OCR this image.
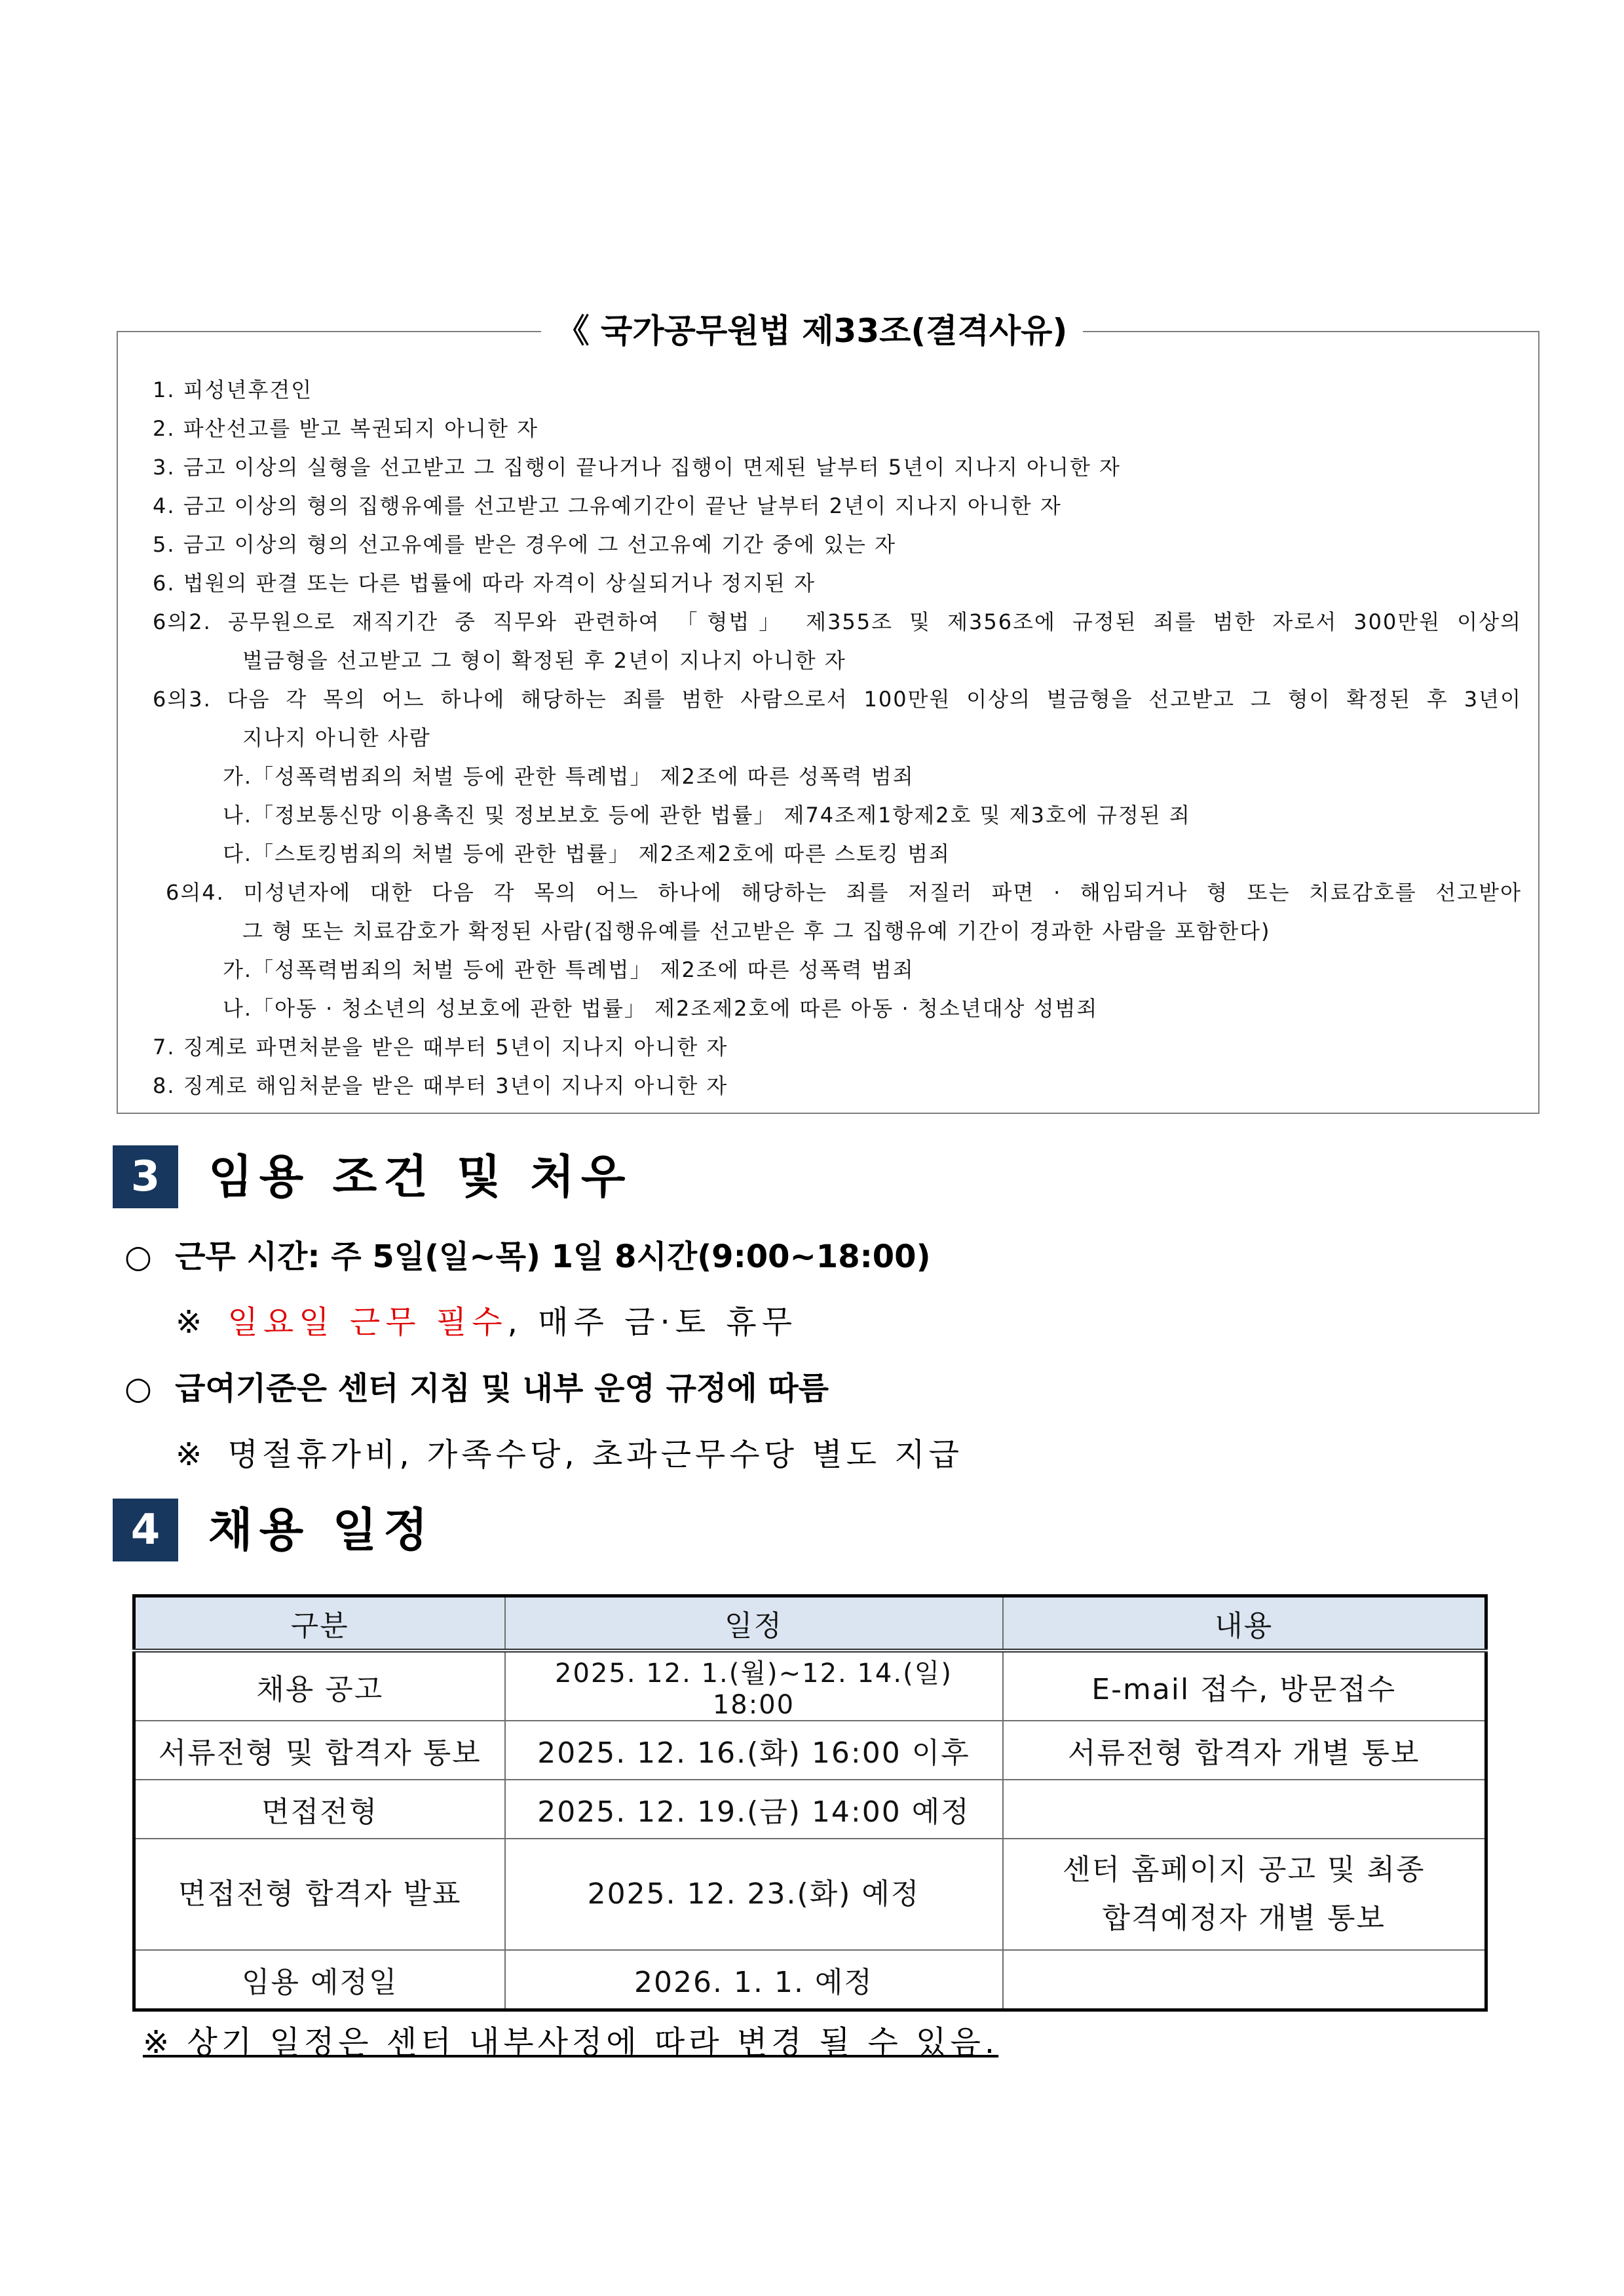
《 국가공무원법 제33조(결격사유)
1. 피성년후견인
2. 파산선고를 받고 복권되지 아니한 자
3. 금고 이상의 실형을 선고받고 그 집행이 끝나거나 집행이 면제된 날부터 5년이 지나지 아니한 자
4. 금고 이상의 형의 집행유예를 선고받고 그유예기간이 끝난 날부터 2년이 지나지 아니한 자
5. 금고 이상의 형의 선고유예를 받은 경우에 그 선고유예 기간 중에 있는 자
6. 법원의 판결 또는 다른 법률에 따라 자격이 상실되거나 정지된 자
6의2. 공무원으로 재직기간 중 직무와 관련하여 「형법」 제355조 및 제356조에 규정된 죄를 범한 자로서 300만원 이상의
벌금형을 선고받고 그 형이 확정된 후 2년이 지나지 아니한 자
6의3. 다음 각 목의 어느 하나에 해당하는 죄를 범한 사람으로서 100만원 이상의 벌금형을 선고받고 그 형이 확정된 후 3년이
지나지 아니한 사람
가.「성폭력범죄의 처벌 등에 관한 특례법」 제2조에 따른 성폭력 범죄
나.「정보통신망 이용촉진 및 정보보호 등에 관한 법률」 제74조제1항제2호 및 제3호에 규정된 죄
다.「스토킹범죄의 처벌 등에 관한 법률」 제2조제2호에 따른 스토킹 범죄
6의4. 미성년자에 대한 다음 각 목의 어느 하나에 해당하는 죄를 저질러 파면 · 해임되거나 형 또는 치료감호를 선고받아
그 형 또는 치료감호가 확정된 사람(집행유예를 선고받은 후 그 집행유예 기간이 경과한 사람을 포함한다)
가.「성폭력범죄의 처벌 등에 관한 특례법」 제2조에 따른 성폭력 범죄
나.「아동 · 청소년의 성보호에 관한 법률」 제2조제2호에 따른 아동 · 청소년대상 성범죄
7. 징계로 파면처분을 받은 때부터 5년이 지나지 아니한 자
8. 징계로 해임처분을 받은 때부터 3년이 지나지 아니한 자
3	임용 조건 및 처우
○ 근무 시간: 주 5일(일~목) 1일 8시간(9:00~18:00)
※ 일요일 근무 필수, 매주 금·토 휴무
○ 급여기준은 센터 지침 및 내부 운영 규정에 따름
※ 명절휴가비, 가족수당, 초과근무수당 별도 지급
4	채용 일정
구분	일정	내용
채용 공고	2025. 12. 1.(월)~12. 14.(일) 18:00	E-mail 접수, 방문접수
서류전형 및 합격자 통보	2025. 12. 16.(화) 16:00 이후	서류전형 합격자 개별 통보
면접전형	2025. 12. 19.(금) 14:00 예정	
면접전형 합격자 발표	2025. 12. 23.(화) 예정	센터 홈페이지 공고 및 최종
합격예정자 개별 통보

임용 예정일	2026. 1. 1. 예정	
※ 상기 일정은 센터 내부사정에 따라 변경 될 수 있음.
